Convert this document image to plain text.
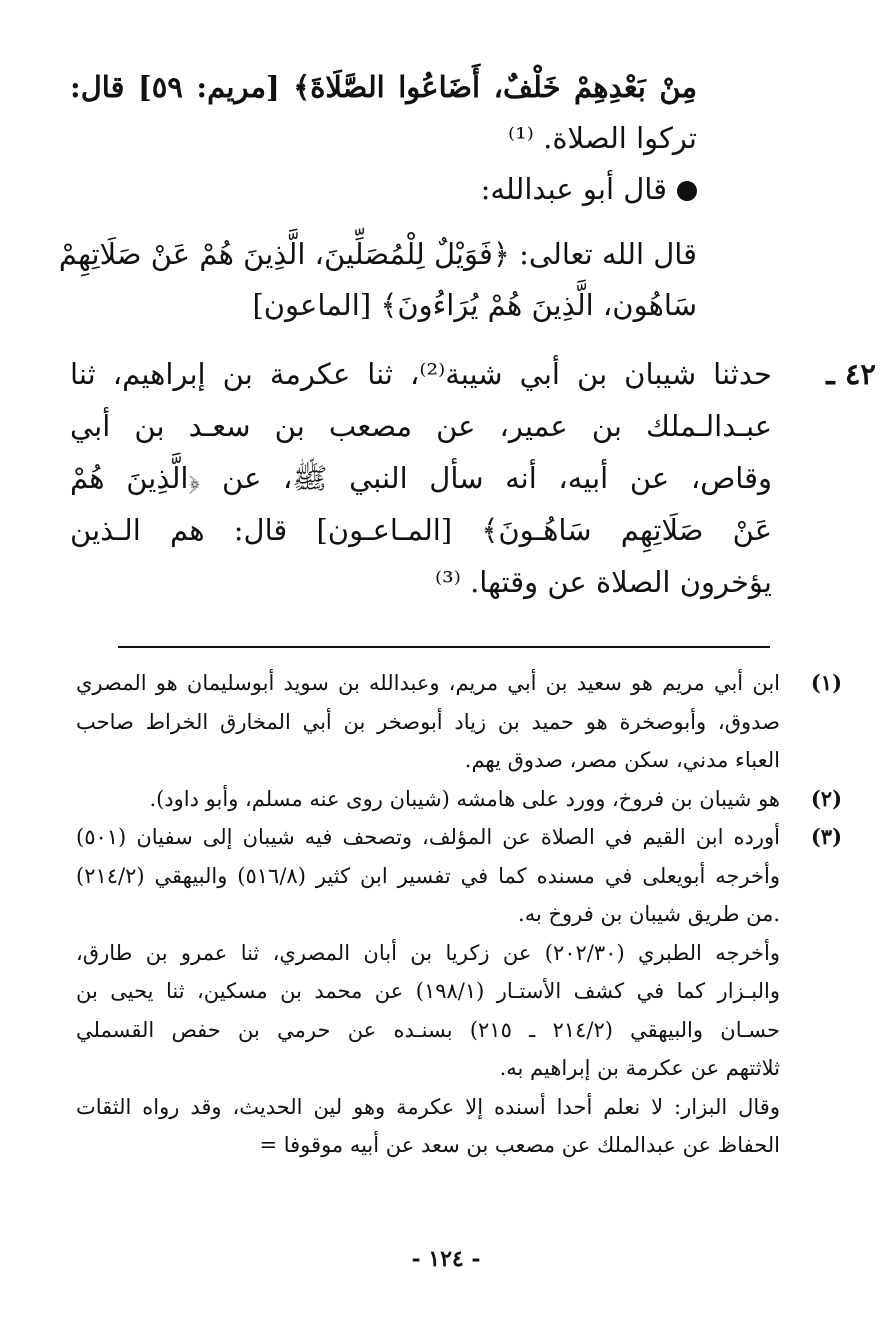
مِنْ بَعْدِهِمْ خَلْفٌ، أَضَاعُوا الصَّلَاةَ﴾ [مريم: ٥٩] قال:
تركوا الصلاة. ⁽¹⁾
قال أبو عبدالله:
قال الله تعالى: ﴿فَوَيْلٌ لِلْمُصَلِّينَ، الَّذِينَ هُمْ عَنْ صَلَاتِهِمْ
سَاهُون، الَّذِينَ هُمْ يُرَاءُونَ﴾ [الماعون]
٤٢ ـ
حدثنا شيبان بن أبي شيبة⁽²⁾، ثنا عكرمة بن إبراهيم، ثنا
عبـدالـملك بن عمير، عن مصعب بن سعـد بن أبي
وقاص، عن أبيه، أنه سأل النبي ﷺ، عن ﴿الَّذِينَ هُمْ
عَنْ صَلَاتِهِم سَاهُـونَ﴾ [المـاعـون] قال: هم الـذين
يؤخرون الصلاة عن وقتها. ⁽³⁾
(١)
ابن أبي مريم هو سعيد بن أبي مريم، وعبدالله بن سويد أبوسليمان هو المصري
صدوق، وأبوصخرة هو حميد بن زياد أبوصخر بن أبي المخارق الخراط صاحب
العباء مدني، سكن مصر، صدوق يهم.
(٢)
هو شيبان بن فروخ، وورد على هامشه (شيبان روى عنه مسلم، وأبو داود).
(٣)
أورده ابن القيم في الصلاة عن المؤلف، وتصحف فيه شيبان إلى سفيان (٥٠١)
وأخرجه أبويعلى في مسنده كما في تفسير ابن كثير (٥١٦/٨) والبيهقي (٢١٤/٢)
.من طريق شيبان بن فروخ به.
وأخرجه الطبري (٢٠٢/٣٠) عن زكريا بن أبان المصري، ثنا عمرو بن طارق،
والبـزار كما في كشف الأستـار (١٩٨/١) عن محمد بن مسكين، ثنا يحيى بن
حسـان والبيهقي (٢١٤/٢ ـ ٢١٥) بسنـده عن حرمي بن حفص القسملي
ثلاثتهم عن عكرمة بن إبراهيم به.
وقال البزار: لا نعلم أحدا أسنده إلا عكرمة وهو لين الحديث، وقد رواه الثقات
الحفاظ عن عبدالملك عن مصعب بن سعد عن أبيه موقوفا =
- ١٢٤ -
